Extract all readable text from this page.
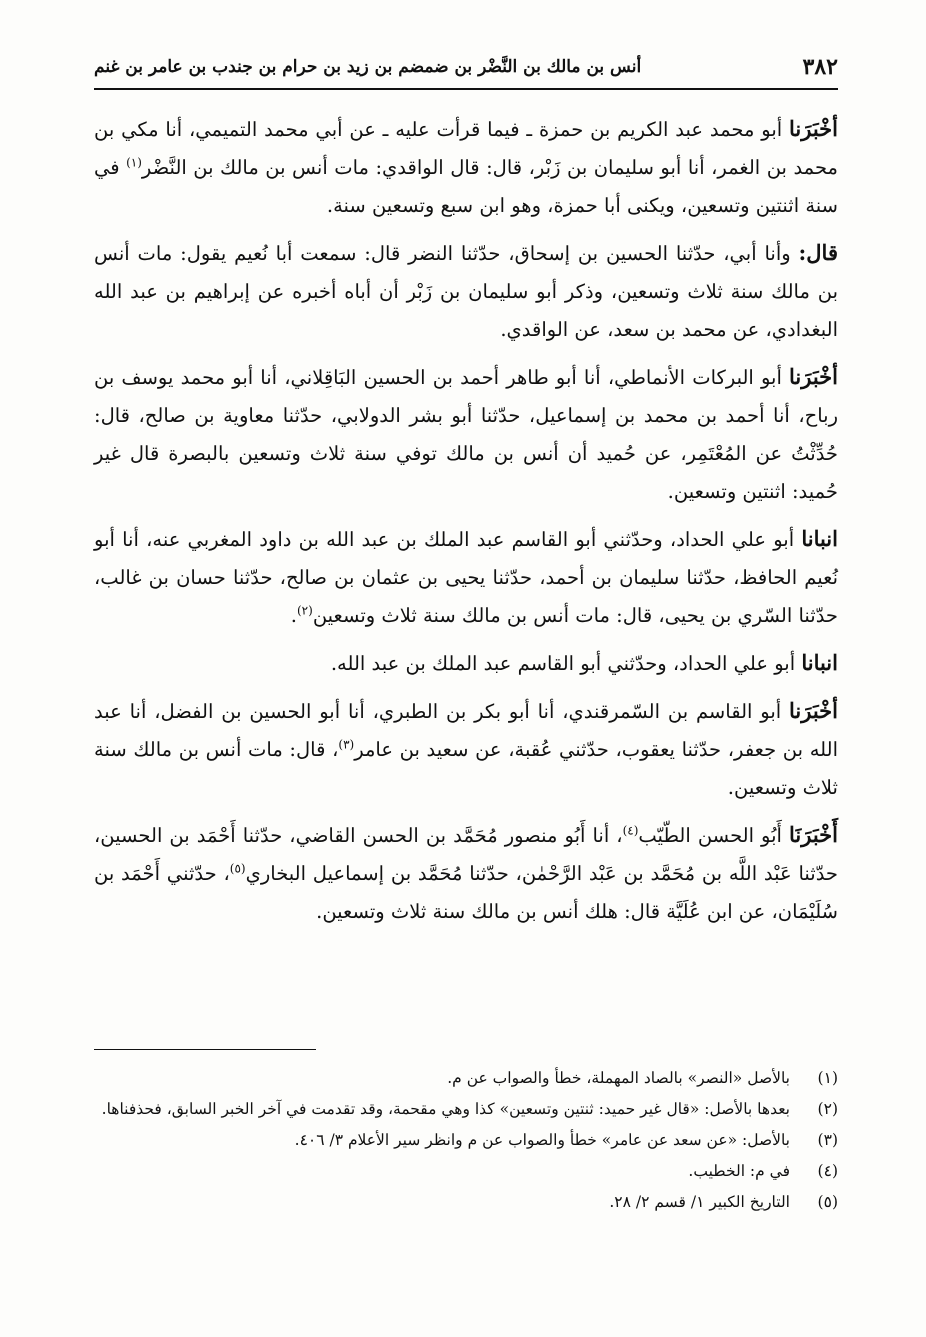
٣٨٢
أنس بن مالك بن النَّضْر بن ضمضم بن زيد بن حرام بن جندب بن عامر بن غنم

أخْبَرَنا أبو محمد عبد الكريم بن حمزة ـ فيما قرأت عليه ـ عن أبي محمد التميمي، أنا مكي بن محمد بن الغمر، أنا أبو سليمان بن زَبْر، قال: قال الواقدي: مات أنس بن مالك بن النَّضْر$^{(١)}$ في سنة اثنتين وتسعين، ويكنى أبا حمزة، وهو ابن سبع وتسعين سنة.

قال: وأنا أبي، حدّثنا الحسين بن إسحاق، حدّثنا النضر قال: سمعت أبا نُعيم يقول: مات أنس بن مالك سنة ثلاث وتسعين، وذكر أبو سليمان بن زَبْر أن أباه أخبره عن إبراهيم بن عبد الله البغدادي، عن محمد بن سعد، عن الواقدي.

أخْبَرَنا أبو البركات الأنماطي، أنا أبو طاهر أحمد بن الحسين البَاقِلاني، أنا أبو محمد يوسف بن رباح، أنا أحمد بن محمد بن إسماعيل، حدّثنا أبو بشر الدولابي، حدّثنا معاوية بن صالح، قال: حُدِّثْتُ عن المُعْتَمِر، عن حُميد أن أنس بن مالك توفي سنة ثلاث وتسعين بالبصرة قال غير حُميد: اثنتين وتسعين.

انبانا أبو علي الحداد، وحدّثني أبو القاسم عبد الملك بن عبد الله بن داود المغربي عنه، أنا أبو نُعيم الحافظ، حدّثنا سليمان بن أحمد، حدّثنا يحيى بن عثمان بن صالح، حدّثنا حسان بن غالب، حدّثنا السّري بن يحيى، قال: مات أنس بن مالك سنة ثلاث وتسعين$^{(٢)}$.

انبانا أبو علي الحداد، وحدّثني أبو القاسم عبد الملك بن عبد الله.

أخْبَرَنا أبو القاسم بن السّمرقندي، أنا أبو بكر بن الطبري، أنا أبو الحسين بن الفضل، أنا عبد الله بن جعفر، حدّثنا يعقوب، حدّثني عُقبة، عن سعيد بن عامر$^{(٣)}$، قال: مات أنس بن مالك سنة ثلاث وتسعين.

أَخْبَرَنَا أَبُو الحسن الطّيّب$^{(٤)}$، أنا أَبُو منصور مُحَمَّد بن الحسن القاضي، حدّثنا أَحْمَد بن الحسين، حدّثنا عَبْد اللَّه بن مُحَمَّد بن عَبْد الرَّحْمٰن، حدّثنا مُحَمَّد بن إسماعيل البخاري$^{(٥)}$، حدّثني أَحْمَد بن سُلَيْمَان، عن ابن عُلَيَّة قال: هلك أنس بن مالك سنة ثلاث وتسعين.

(١)
بالأصل «النصر» بالصاد المهملة، خطأ والصواب عن م.
(٢)
بعدها بالأصل: «قال غير حميد: ثنتين وتسعين» كذا وهي مقحمة، وقد تقدمت في آخر الخبر السابق، فحذفناها.
(٣)
بالأصل: «عن سعد عن عامر» خطأ والصواب عن م وانظر سير الأعلام ٣/ ٤٠٦.
(٤)
في م: الخطيب.
(٥)
التاريخ الكبير ١/ قسم ٢/ ٢٨.
